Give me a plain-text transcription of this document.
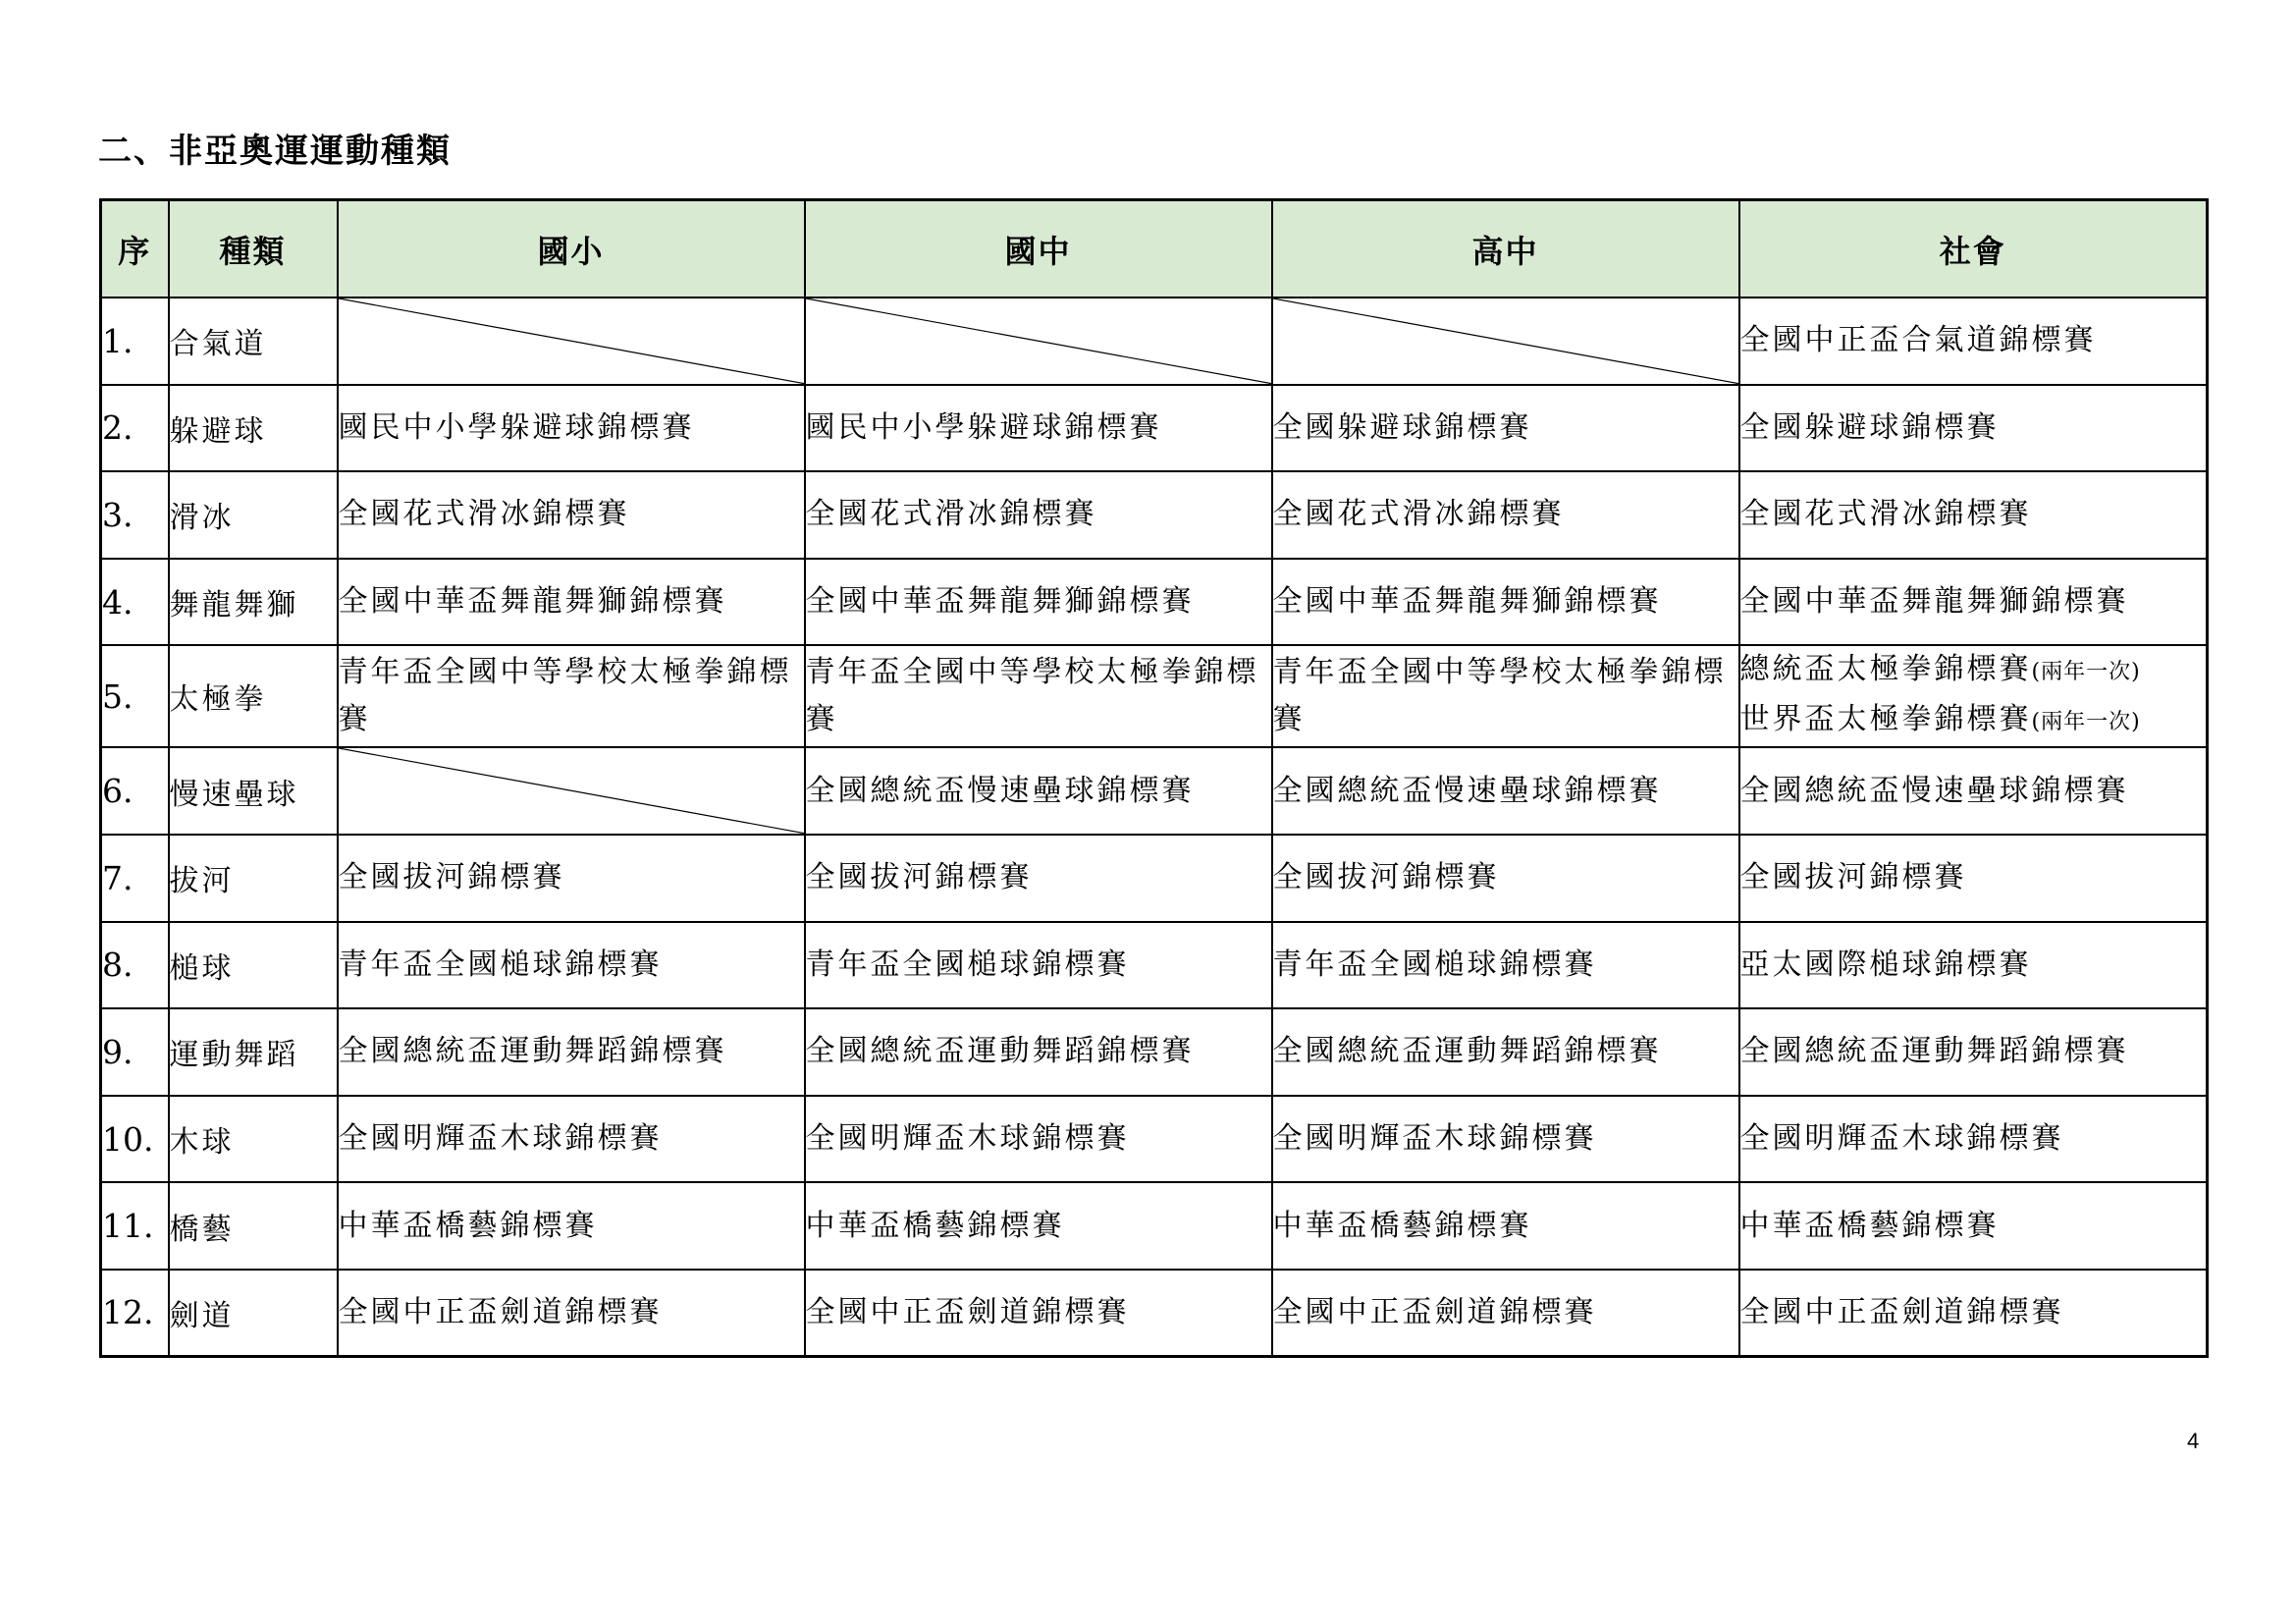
二、非亞奧運運動種類
序	種類	國小	國中	高中	社會
1.	合氣道				全國中正盃合氣道錦標賽
2.	躲避球	國民中小學躲避球錦標賽	國民中小學躲避球錦標賽	全國躲避球錦標賽	全國躲避球錦標賽
3.	滑冰	全國花式滑冰錦標賽	全國花式滑冰錦標賽	全國花式滑冰錦標賽	全國花式滑冰錦標賽
4.	舞龍舞獅	全國中華盃舞龍舞獅錦標賽	全國中華盃舞龍舞獅錦標賽	全國中華盃舞龍舞獅錦標賽	全國中華盃舞龍舞獅錦標賽
5.	太極拳	青年盃全國中等學校太極拳錦標賽	青年盃全國中等學校太極拳錦標賽	青年盃全國中等學校太極拳錦標賽	總統盃太極拳錦標賽(兩年一次)
世界盃太極拳錦標賽(兩年一次)

6.	慢速壘球		全國總統盃慢速壘球錦標賽	全國總統盃慢速壘球錦標賽	全國總統盃慢速壘球錦標賽
7.	拔河	全國拔河錦標賽	全國拔河錦標賽	全國拔河錦標賽	全國拔河錦標賽
8.	槌球	青年盃全國槌球錦標賽	青年盃全國槌球錦標賽	青年盃全國槌球錦標賽	亞太國際槌球錦標賽
9.	運動舞蹈	全國總統盃運動舞蹈錦標賽	全國總統盃運動舞蹈錦標賽	全國總統盃運動舞蹈錦標賽	全國總統盃運動舞蹈錦標賽
10.	木球	全國明輝盃木球錦標賽	全國明輝盃木球錦標賽	全國明輝盃木球錦標賽	全國明輝盃木球錦標賽
11.	橋藝	中華盃橋藝錦標賽	中華盃橋藝錦標賽	中華盃橋藝錦標賽	中華盃橋藝錦標賽
12.	劍道	全國中正盃劍道錦標賽	全國中正盃劍道錦標賽	全國中正盃劍道錦標賽	全國中正盃劍道錦標賽
4
